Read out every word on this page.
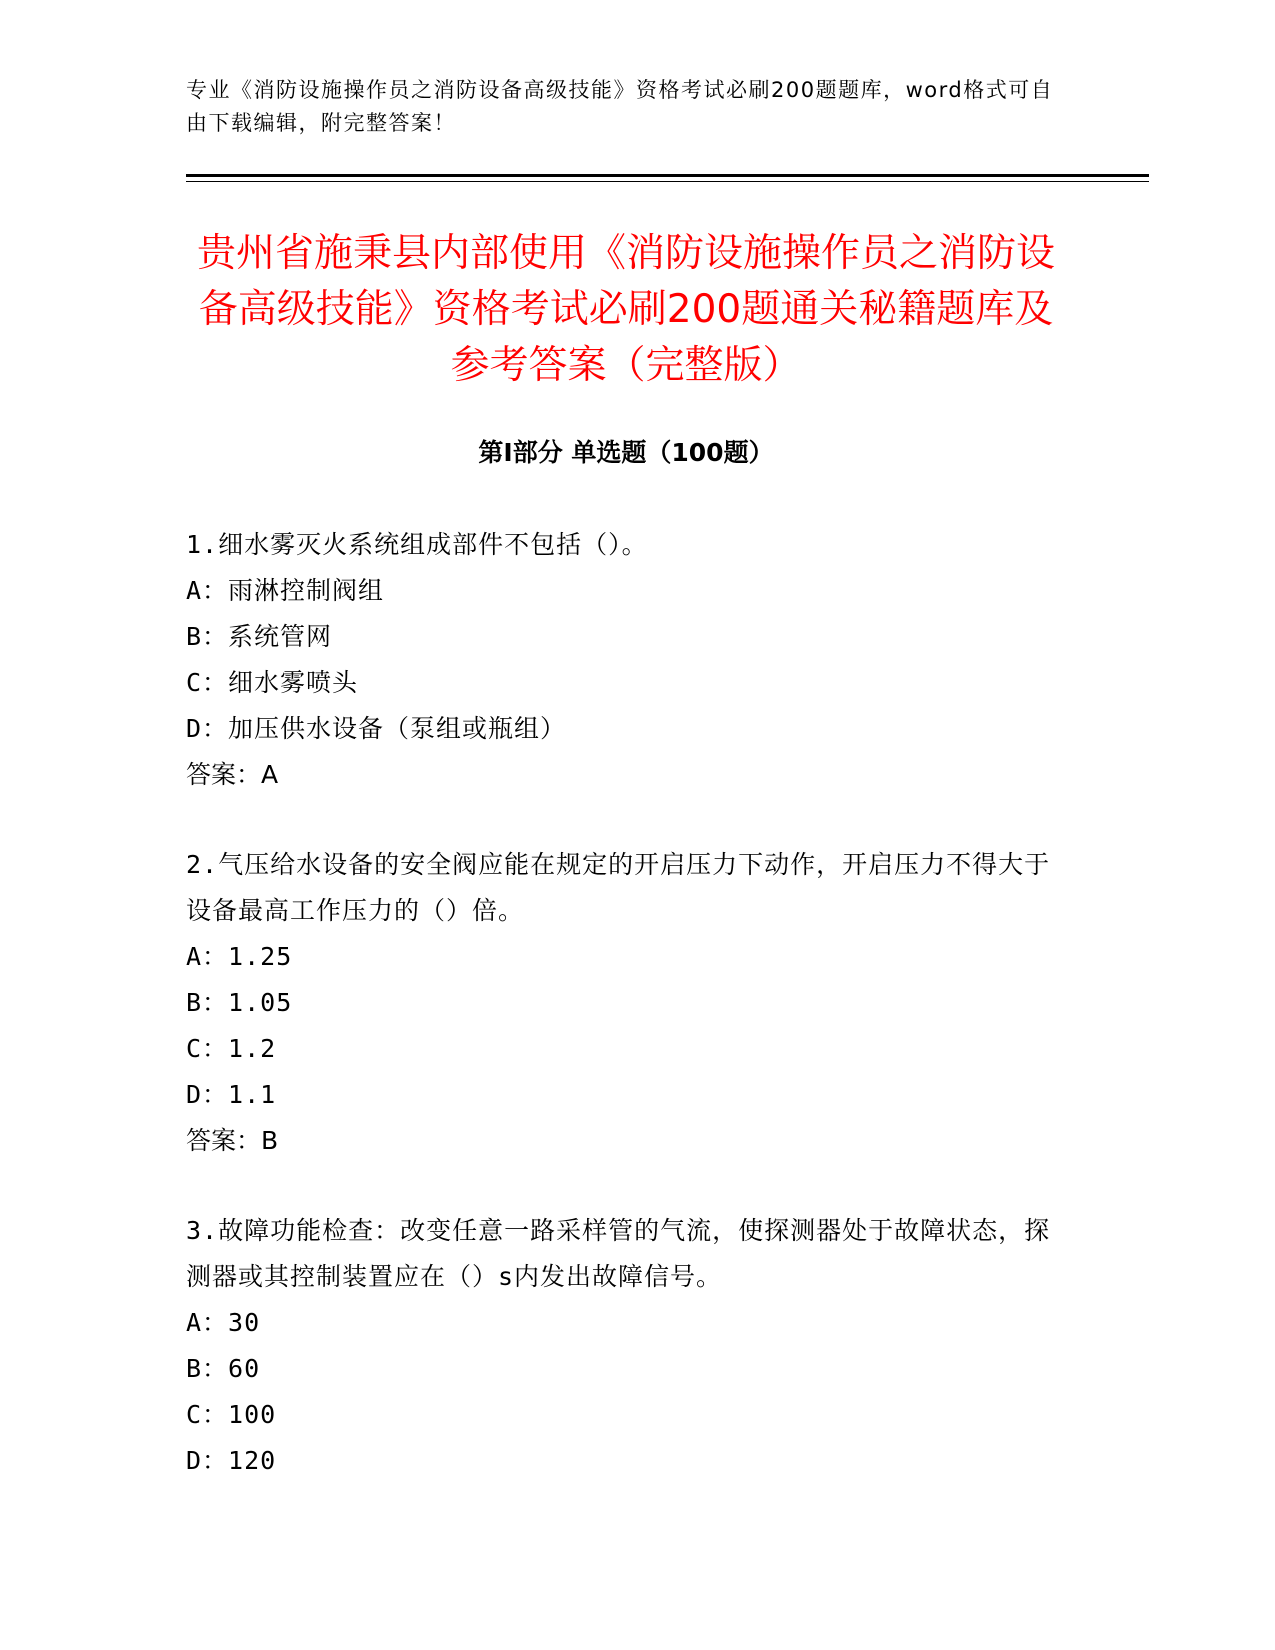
专业《消防设施操作员之消防设备高级技能》资格考试必刷200题题库，word格式可自由下载编辑，附完整答案！
贵州省施秉县内部使用《消防设施操作员之消防设备高级技能》资格考试必刷200题通关秘籍题库及参考答案（完整版）
第Ⅰ部分 单选题（100题）

1.细水雾灭火系统组成部件不包括（）。

A：雨淋控制阀组

B：系统管网

C：细水雾喷头

D：加压供水设备（泵组或瓶组）

答案：A

2.气压给水设备的安全阀应能在规定的开启压力下动作，开启压力不得大于设备最高工作压力的（）倍。

A：1.25

B：1.05

C：1.2

D：1.1

答案：B

3.故障功能检查：改变任意一路采样管的气流，使探测器处于故障状态，探测器或其控制装置应在（）s内发出故障信号。

A：30

B：60

C：100

D：120
